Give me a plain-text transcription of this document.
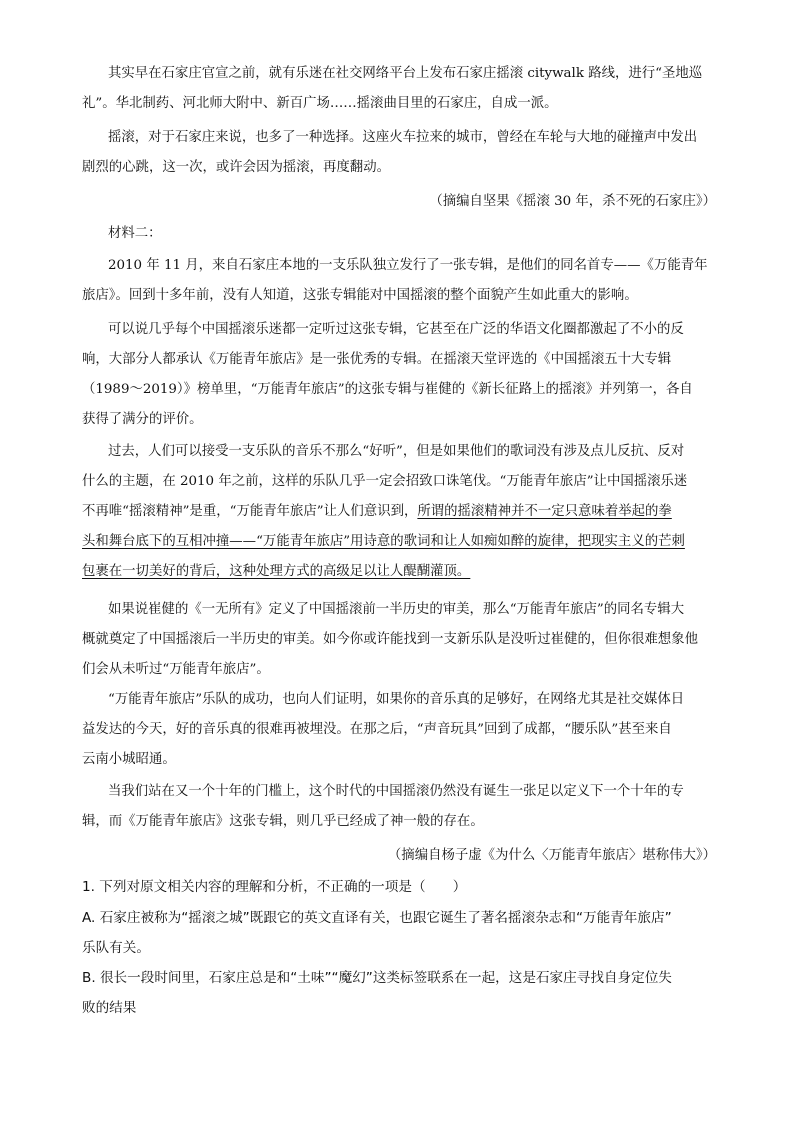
其实早在石家庄官宣之前，就有乐迷在社交网络平台上发布石家庄摇滚 citywalk 路线，进行“圣地巡
礼”。华北制药、河北师大附中、新百广场……摇滚曲目里的石家庄，自成一派。
摇滚，对于石家庄来说，也多了一种选择。这座火车拉来的城市，曾经在车轮与大地的碰撞声中发出
剧烈的心跳，这一次，或许会因为摇滚，再度翻动。
（摘编自坚果《摇滚 30 年，杀不死的石家庄》）
材料二：
2010 年 11 月，来自石家庄本地的一支乐队独立发行了一张专辑，是他们的同名首专——《万能青年
旅店》。回到十多年前，没有人知道，这张专辑能对中国摇滚的整个面貌产生如此重大的影响。
可以说几乎每个中国摇滚乐迷都一定听过这张专辑，它甚至在广泛的华语文化圈都激起了不小的反
响，大部分人都承认《万能青年旅店》是一张优秀的专辑。在摇滚天堂评选的《中国摇滚五十大专辑
（1989～2019）》榜单里，“万能青年旅店”的这张专辑与崔健的《新长征路上的摇滚》并列第一，各自
获得了满分的评价。
过去，人们可以接受一支乐队的音乐不那么“好听”，但是如果他们的歌词没有涉及点儿反抗、反对
什么的主题，在 2010 年之前，这样的乐队几乎一定会招致口诛笔伐。“万能青年旅店”让中国摇滚乐迷
不再唯“摇滚精神”是重，“万能青年旅店”让人们意识到，所谓的摇滚精神并不一定只意味着举起的拳
头和舞台底下的互相冲撞——“万能青年旅店”用诗意的歌词和让人如痴如醉的旋律，把现实主义的芒刺
包裹在一切美好的背后，这种处理方式的高级足以让人醍醐灌顶。
如果说崔健的《一无所有》定义了中国摇滚前一半历史的审美，那么“万能青年旅店”的同名专辑大
概就奠定了中国摇滚后一半历史的审美。如今你或许能找到一支新乐队是没听过崔健的，但你很难想象他
们会从未听过“万能青年旅店”。
“万能青年旅店”乐队的成功，也向人们证明，如果你的音乐真的足够好，在网络尤其是社交媒体日
益发达的今天，好的音乐真的很难再被埋没。在那之后，“声音玩具”回到了成都，“腰乐队”甚至来自
云南小城昭通。
当我们站在又一个十年的门槛上，这个时代的中国摇滚仍然没有诞生一张足以定义下一个十年的专
辑，而《万能青年旅店》这张专辑，则几乎已经成了神一般的存在。
（摘编自杨子虚《为什么〈万能青年旅店〉堪称伟大》）
1. 下列对原文相关内容的理解和分析，不正确的一项是（　　）
A. 石家庄被称为“摇滚之城”既跟它的英文直译有关，也跟它诞生了著名摇滚杂志和“万能青年旅店”
乐队有关。
B. 很长一段时间里，石家庄总是和“土味”“魔幻”这类标签联系在一起，这是石家庄寻找自身定位失
败的结果
